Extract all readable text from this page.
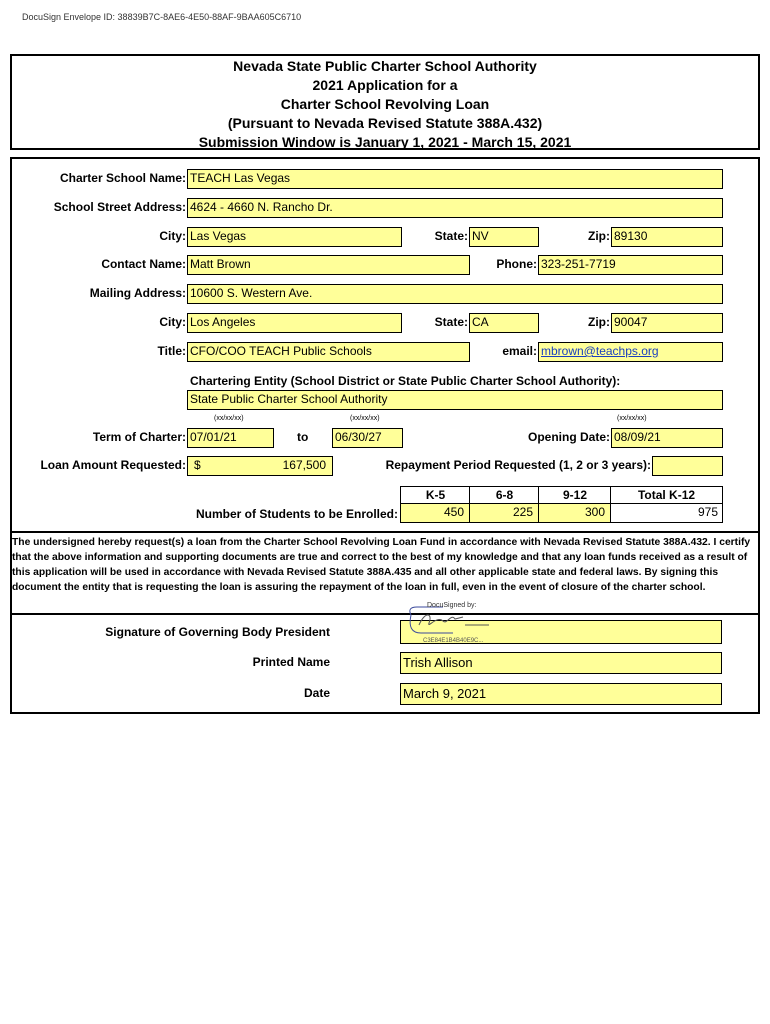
DocuSign Envelope ID: 38839B7C-8AE6-4E50-88AF-9BAA605C6710
Nevada State Public Charter School Authority
2021 Application for a
Charter School Revolving Loan
(Pursuant to Nevada Revised Statute 388A.432)
Submission Window is January 1, 2021 - March 15, 2021
Charter School Name: TEACH Las Vegas
School Street Address: 4624 - 4660 N. Rancho Dr.
City: Las Vegas	State: NV	Zip: 89130
Contact Name: Matt Brown	Phone: 323-251-7719
Mailing Address: 10600 S. Western Ave.
City: Los Angeles	State: CA	Zip: 90047
Title: CFO/COO TEACH Public Schools	email: mbrown@teachps.org
Chartering Entity (School District or State Public Charter School Authority):
State Public Charter School Authority
(xx/xx/xx)	(xx/xx/xx)	(xx/xx/xx)
Term of Charter: 07/01/21	to 06/30/27	Opening Date: 08/09/21
Loan Amount Requested: $	167,500	Repayment Period Requested (1, 2 or 3 years):
K-5	6-8	9-12	Total K-12
Number of Students to be Enrolled:	450	225	300	975
The undersigned hereby request(s) a loan from the Charter School Revolving Loan Fund in accordance with Nevada Revised Statute 388A.432. I certify that the above information and supporting documents are true and correct to the best of my knowledge and that any loan funds received as a result of this application will be used in accordance with Nevada Revised Statute 388A.435 and all other applicable state and federal laws. By signing this document the entity that is requesting the loan is assuring the repayment of the loan in full, even in the event of closure of the charter school.
Signature of Governing Body President
DocuSigned by:
C3E84E1B4B40E9C...
Printed Name	Trish Allison
Date	March 9, 2021
